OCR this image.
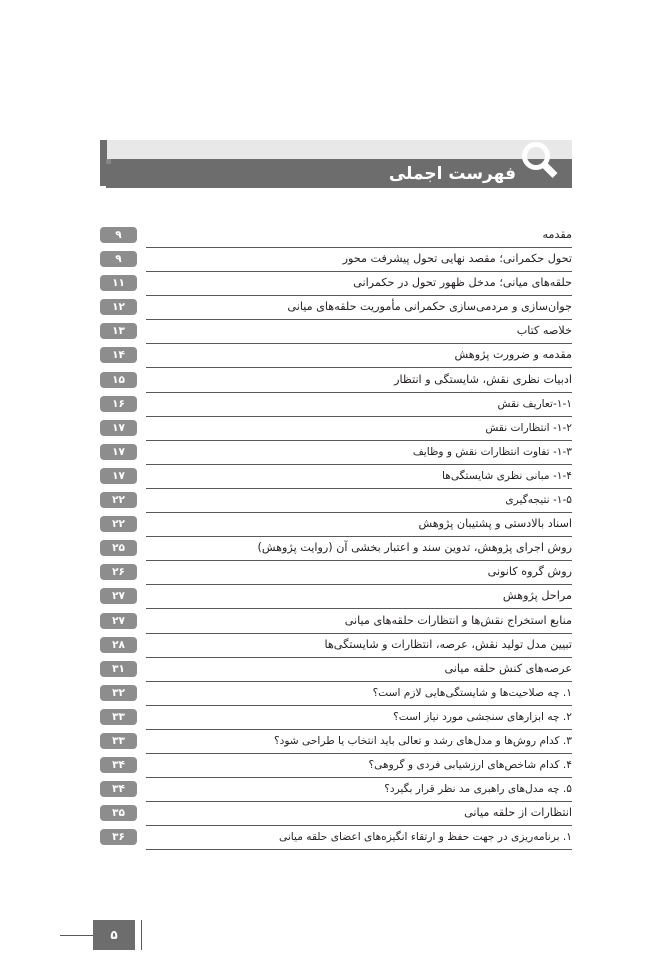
فهرست اجملی
۹	مقدمه
۹	تحول حکمرانی؛ مقصد نهایی تحول پیشرفت محور
۱۱	حلقه‌های میانی؛ مدخل ظهور تحول در حکمرانی
۱۲	جوان‌سازی و مردمی‌سازی حکمرانی مأموریت حلقه‌های میانی
۱۳	خلاصه کتاب
۱۴	مقدمه و ضرورت پژوهش
۱۵	ادبیات نظری نقش، شایستگی و انتظار
۱۶	۱-۱-تعاریف نقش
۱۷	۱-۲- انتظارات نقش
۱۷	۱-۳- تفاوت انتظارات نقش و وظایف
۱۷	۱-۴- مبانی نظری شایستگی‌ها
۲۲	۱-۵- نتیجه‌گیری
۲۲	اسناد بالادستی و پشتیبان پژوهش
۲۵	روش اجرای پژوهش، تدوین سند و اعتبار بخشی آن (روایت پژوهش)
۲۶	روش گروه کانونی
۲۷	مراحل پژوهش
۲۷	منابع استخراج نقش‌ها و انتظارات حلقه‌های میانی
۲۸	تبیین مدل تولید نقش، عرصه، انتظارات و شایستگی‌ها
۳۱	عرصه‌های کنش حلقه میانی
۳۲	۱. چه صلاحیت‌ها و شایستگی‌هایی لازم است؟
۳۳	۲. چه ابزارهای سنجشی مورد نیاز است؟
۳۳	۳. کدام روش‌ها و مدل‌های رشد و تعالی باید انتخاب یا طراحی شود؟
۳۴	۴. کدام شاخص‌های ارزشیابی فردی و گروهی؟
۳۴	۵. چه مدل‌های راهبری مد نظر قرار بگیرد؟
۳۵	انتظارات از حلقه میانی
۳۶	۱. برنامه‌ریزی در جهت حفظ و ارتقاء انگیزه‌های اعضای حلقه میانی
۵
